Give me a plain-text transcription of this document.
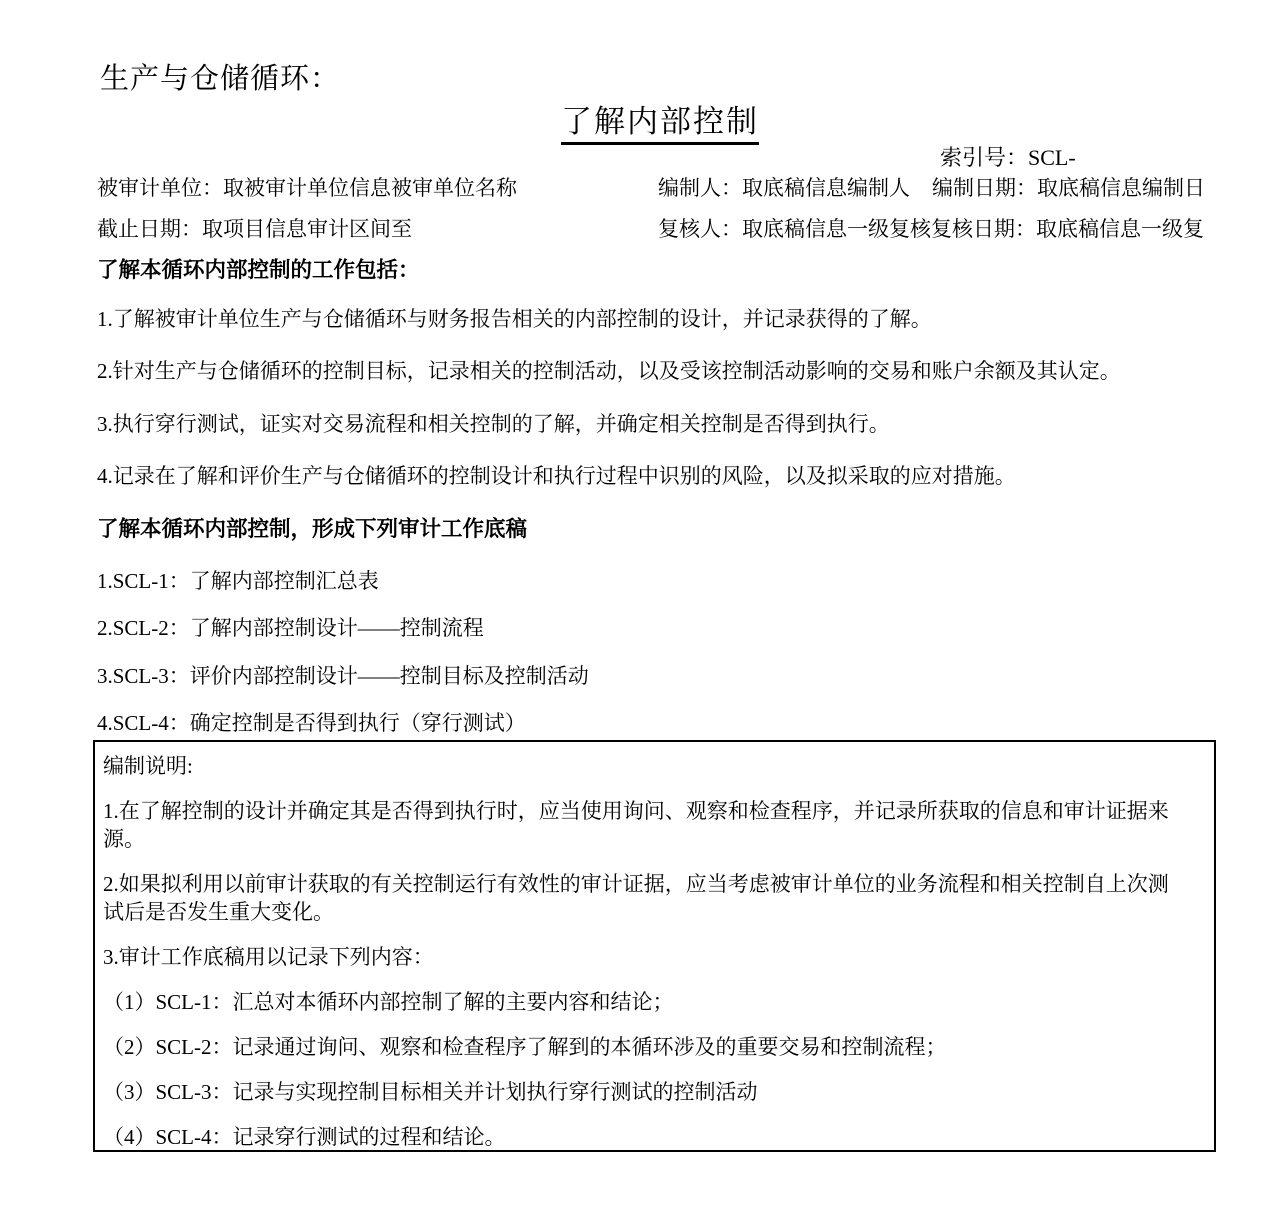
生产与仓储循环：
了解内部控制
索引号：SCL-
被审计单位：取被审计单位信息被审单位名称	编制人：取底稿信息编制人 编制日期：取底稿信息编制日
截止日期：取项目信息审计区间至	复核人：取底稿信息一级复核 复核日期：取底稿信息一级复
了解本循环内部控制的工作包括：
1.了解被审计单位生产与仓储循环与财务报告相关的内部控制的设计，并记录获得的了解。
2.针对生产与仓储循环的控制目标，记录相关的控制活动，以及受该控制活动影响的交易和账户余额及其认定。
3.执行穿行测试，证实对交易流程和相关控制的了解，并确定相关控制是否得到执行。
4.记录在了解和评价生产与仓储循环的控制设计和执行过程中识别的风险，以及拟采取的应对措施。
了解本循环内部控制，形成下列审计工作底稿
1.SCL-1：了解内部控制汇总表
2.SCL-2：了解内部控制设计——控制流程
3.SCL-3：评价内部控制设计——控制目标及控制活动
4.SCL-4：确定控制是否得到执行（穿行测试）

编制说明:

1.在了解控制的设计并确定其是否得到执行时，应当使用询问、观察和检查程序，并记录所获取的信息和审计证据来源。

2.如果拟利用以前审计获取的有关控制运行有效性的审计证据，应当考虑被审计单位的业务流程和相关控制自上次测试后是否发生重大变化。

3.审计工作底稿用以记录下列内容：

（1）SCL-1：汇总对本循环内部控制了解的主要内容和结论；

（2）SCL-2：记录通过询问、观察和检查程序了解到的本循环涉及的重要交易和控制流程；

（3）SCL-3：记录与实现控制目标相关并计划执行穿行测试的控制活动

（4）SCL-4：记录穿行测试的过程和结论。
